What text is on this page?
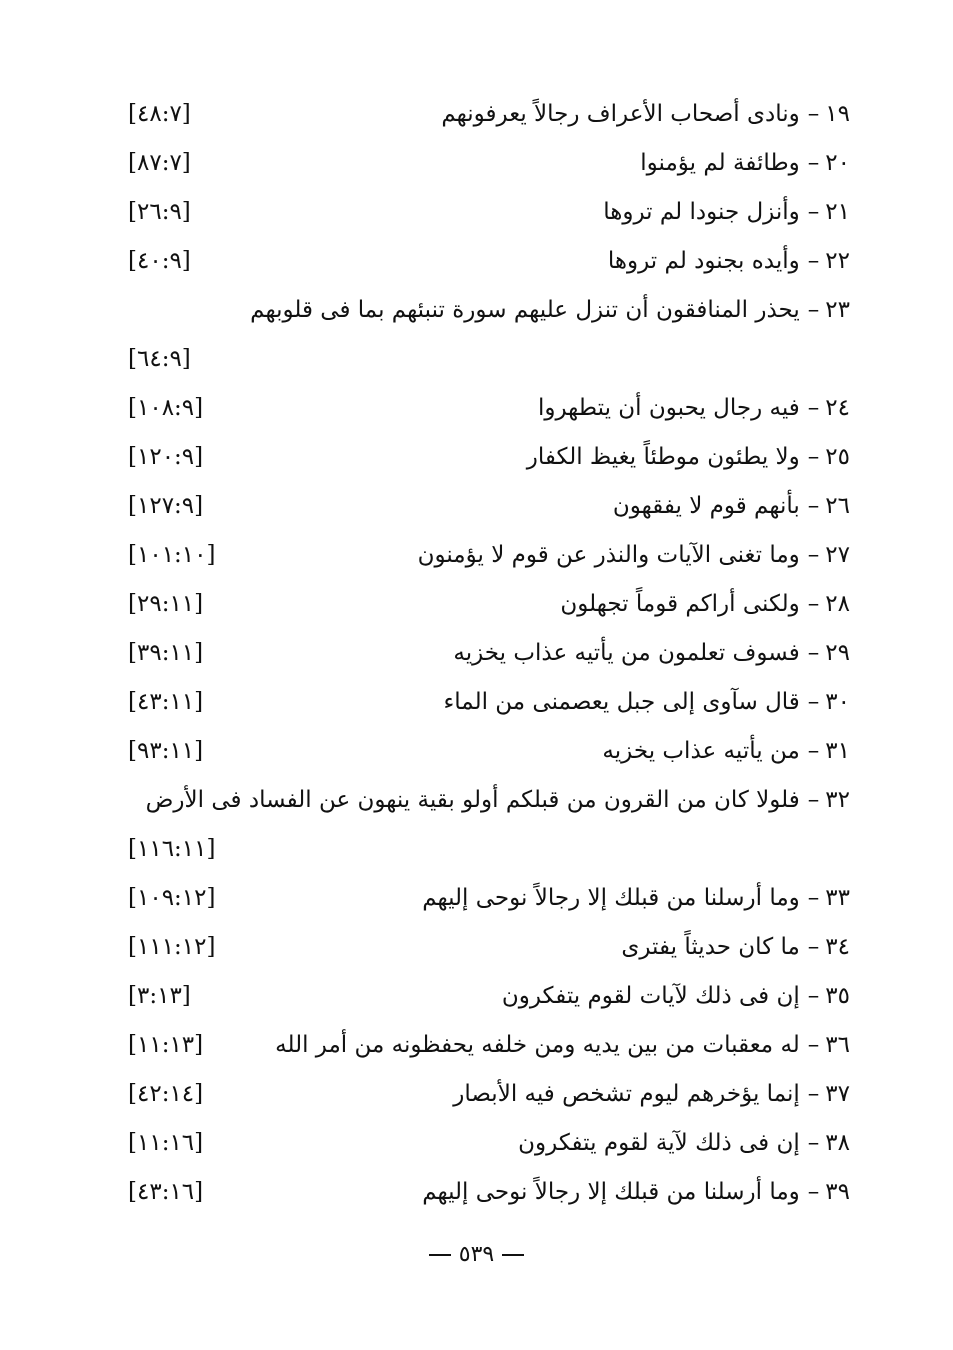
١٩–ونادى أصحاب الأعراف رجالاً يعرفونهم
[٤٨:٧]
٢٠–وطائفة لم يؤمنوا
[٨٧:٧]
٢١–وأنزل جنودا لم تروها
[٢٦:٩]
٢٢–وأيده بجنود لم تروها
[٤٠:٩]
٢٣–يحذر المنافقون أن تنزل عليهم سورة تنبئهم بما فى قلوبهم
[٦٤:٩]
٢٤–فيه رجال يحبون أن يتطهروا
[١٠٨:٩]
٢٥–ولا يطئون موطئاً يغيظ الكفار
[١٢٠:٩]
٢٦–بأنهم قوم لا يفقهون
[١٢٧:٩]
٢٧–وما تغنى الآيات والنذر عن قوم لا يؤمنون
[١٠١:١٠]
٢٨–ولكنى أراكم قوماً تجهلون
[٢٩:١١]
٢٩–فسوف تعلمون من يأتيه عذاب يخزيه
[٣٩:١١]
٣٠–قال سآوى إلى جبل يعصمنى من الماء
[٤٣:١١]
٣١–من يأتيه عذاب يخزيه
[٩٣:١١]
٣٢–فلولا كان من القرون من قبلكم أولو بقية ينهون عن الفساد فى الأرض
[١١٦:١١]
٣٣–وما أرسلنا من قبلك إلا رجالاً نوحى إليهم
[١٠٩:١٢]
٣٤–ما كان حديثاً يفترى
[١١١:١٢]
٣٥–إن فى ذلك لآيات لقوم يتفكرون
[٣:١٣]
٣٦–له معقبات من بين يديه ومن خلفه يحفظونه من أمر الله
[١١:١٣]
٣٧–إنما يؤخرهم ليوم تشخص فيه الأبصار
[٤٢:١٤]
٣٨–إن فى ذلك لآية لقوم يتفكرون
[١١:١٦]
٣٩–وما أرسلنا من قبلك إلا رجالاً نوحى إليهم
[٤٣:١٦]
٥٣٩
